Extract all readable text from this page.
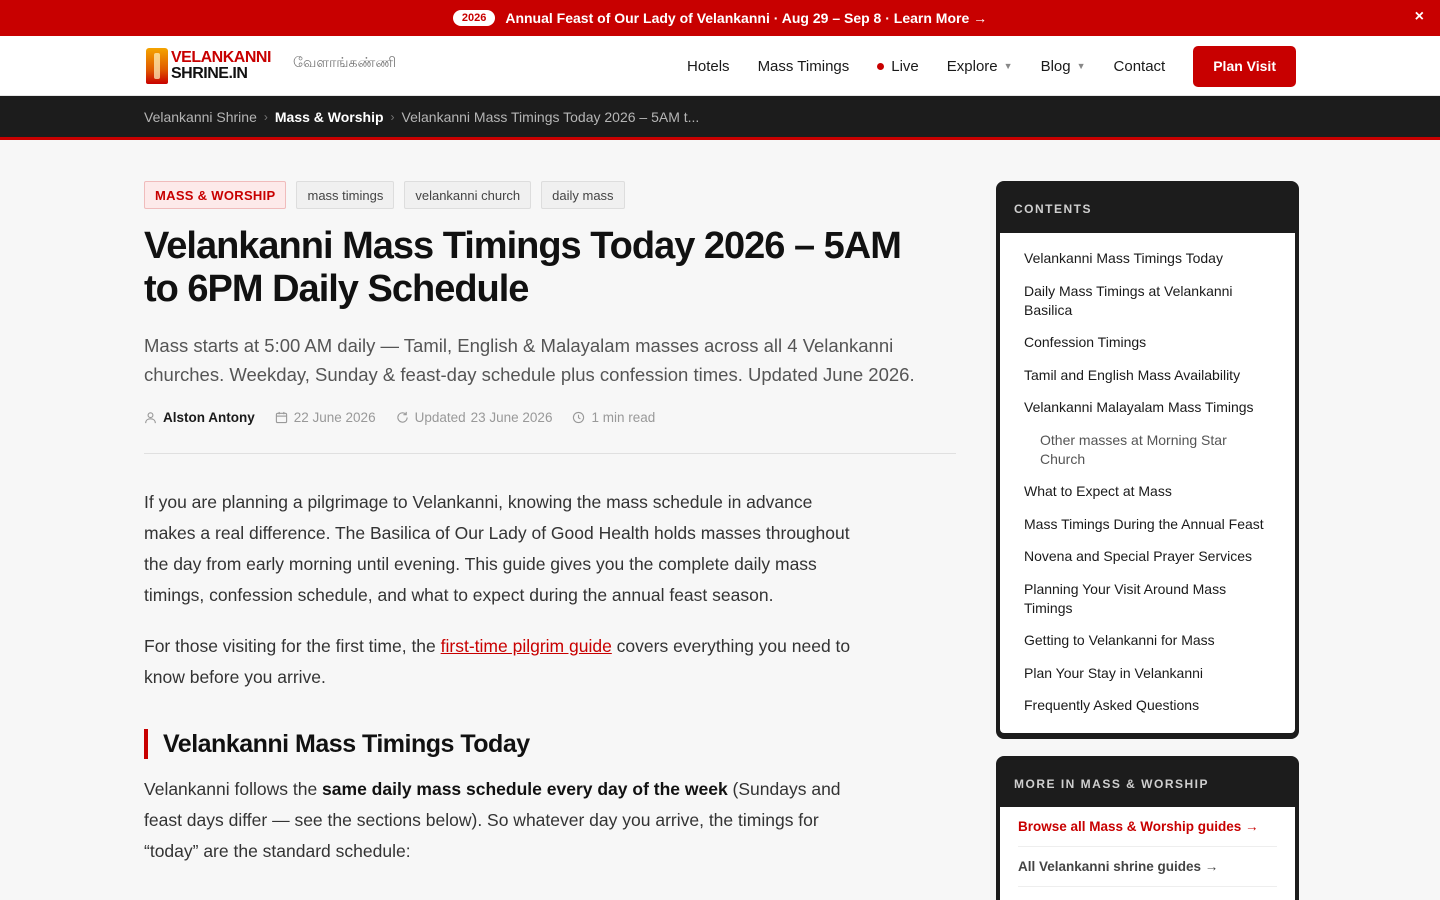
2026	Annual Feast of Our Lady of Velankanni · Aug 29 – Sep 8 · Learn More →	×
VELANKANNI
SHRINE.IN
வேளாங்கண்ணி	Hotels Mass Timings	Live Explore ▼ Blog ▼ Contact	Plan Visit
Velankanni Shrine › Mass & Worship › Velankanni Mass Timings Today 2026 – 5AM t...
MASS & WORSHIP	mass timings	velankanni church	daily mass
Velankanni Mass Timings Today 2026 – 5AM to 6PM Daily Schedule

Mass starts at 5:00 AM daily — Tamil, English & Malayalam masses across all 4 Velankanni churches. Weekday, Sunday & feast-day schedule plus confession times. Updated June 2026.

Alston Antony	22 June 2026	Updated 23 June 2026	1 min read

If you are planning a pilgrimage to Velankanni, knowing the mass schedule in advance makes a real difference. The Basilica of Our Lady of Good Health holds masses throughout the day from early morning until evening. This guide gives you the complete daily mass timings, confession schedule, and what to expect during the annual feast season.

For those visiting for the first time, the first-time pilgrim guide covers everything you need to know before you arrive.

Velankanni Mass Timings Today

Velankanni follows the same daily mass schedule every day of the week (Sundays and feast days differ — see the sections below). So whatever day you arrive, the timings for “today” are the standard schedule:

CONTENTS
Velankanni Mass Timings Today
Daily Mass Timings at Velankanni Basilica
Confession Timings
Tamil and English Mass Availability
Velankanni Malayalam Mass Timings
Other masses at Morning Star Church
What to Expect at Mass
Mass Timings During the Annual Feast
Novena and Special Prayer Services
Planning Your Visit Around Mass Timings
Getting to Velankanni for Mass
Plan Your Stay in Velankanni
Frequently Asked Questions
MORE IN MASS & WORSHIP
Browse all Mass & Worship guides →
All Velankanni shrine guides →
